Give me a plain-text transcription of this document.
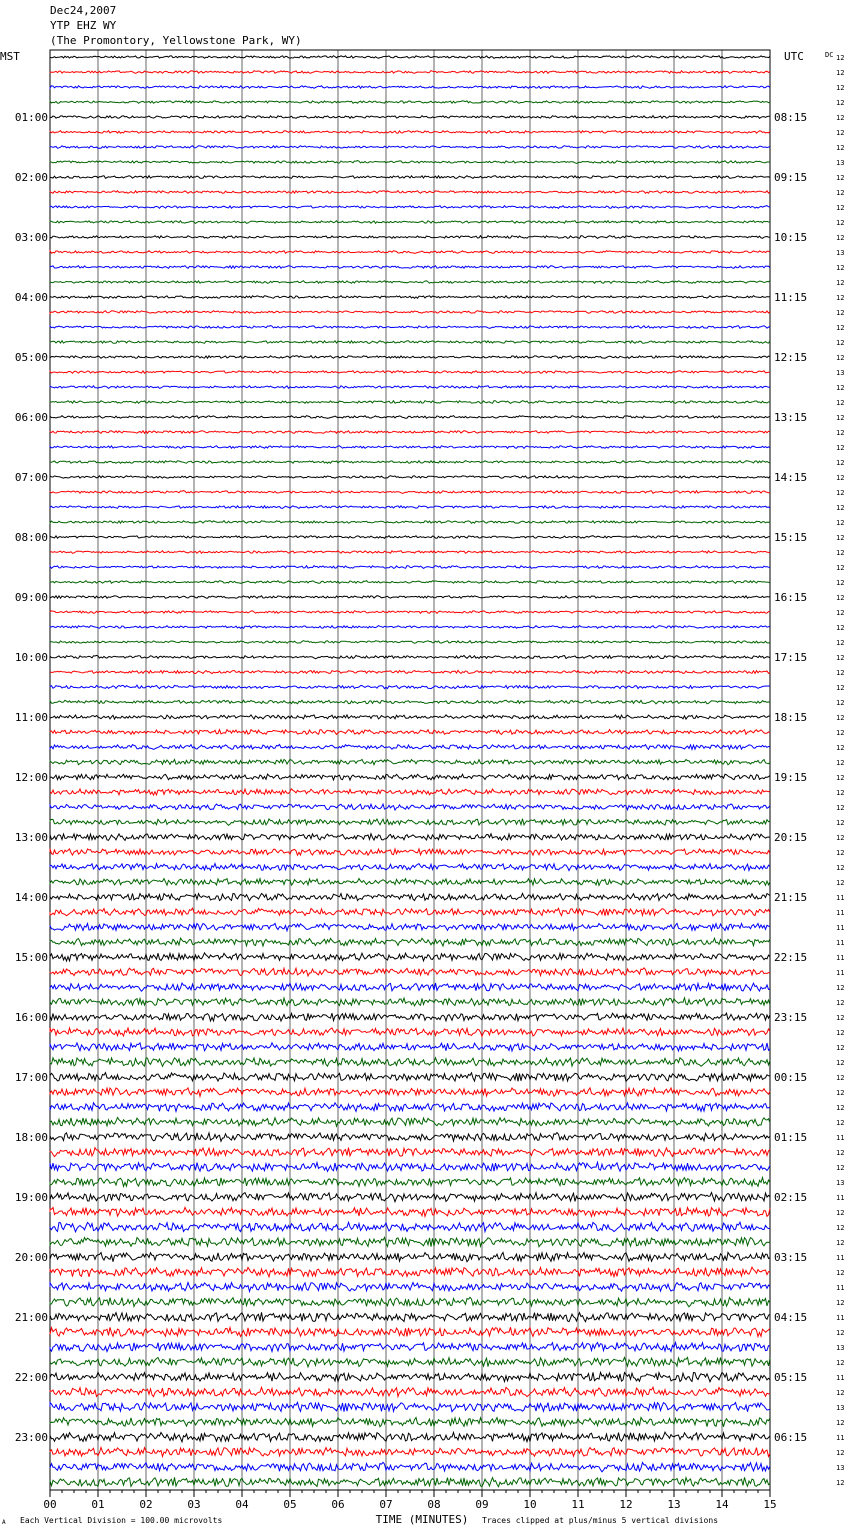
Dec24,2007
YTP EHZ WY
(The Promontory, Yellowstone Park, WY)
MST	UTC
01:00
02:00
03:00
04:00
05:00
06:00
07:00
08:00
09:00
10:00
11:00
12:00
13:00
14:00
15:00
16:00
17:00
18:00
19:00
20:00
21:00
22:00
23:00
08:15
09:15
10:15
11:15
12:15
13:15
14:15
15:15
16:15
17:15
18:15
19:15
20:15
21:15
22:15
23:15
00:15
01:15
02:15
03:15
04:15
05:15
06:15
DC 12
12
12
12
12
12
12
13
12
12
12
12
12
13
12
12
12
12
12
12
12
13
12
12
12
12
12
12
12
12
12
12
12
12
12
12
12
12
12
12
12
12
12
12
12
12
12
12
12
12
12
12
12
12
12
12
11
11
11
11
11
11
12
12
12
12
12
12
12
12
12
12
11
12
12
13
11
12
12
12
11
12
11
12
11
12
13
12
11
12
13
12
11
12
13
12
00	01	02	03	04	05	06	07	08	09	10	11	12	13	14	15
A Each Vertical Division = 100.00 microvolts	TIME (MINUTES) Traces clipped at plus/minus 5 vertical divisions
